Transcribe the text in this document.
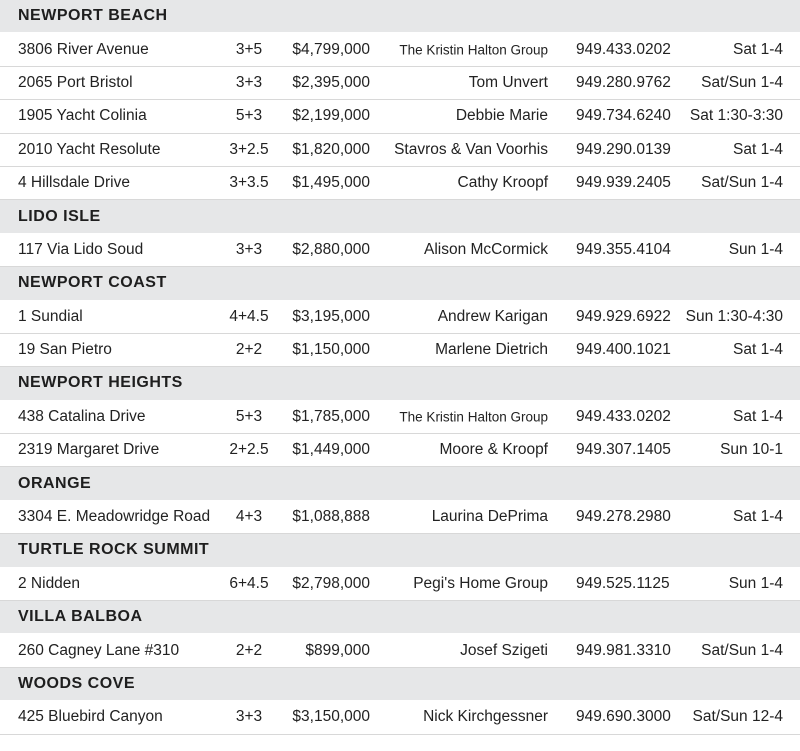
NEWPORT BEACH
3806 River Avenue	3+5	$4,799,000 The Kristin Halton Group 949.433.0202	Sat 1-4
2065 Port Bristol	3+3	$2,395,000	Tom Unvert 949.280.9762 Sat/Sun 1-4
1905 Yacht Colinia	5+3	$2,199,000	Debbie Marie 949.734.6240 Sat 1:30-3:30
2010 Yacht Resolute	3+2.5 $1,820,000 Stavros & Van Voorhis 949.290.0139	Sat 1-4
4 Hillsdale Drive	3+3.5 $1,495,000	Cathy Kroopf 949.939.2405 Sat/Sun 1-4
LIDO ISLE
117 Via Lido Soud	3+3	$2,880,000	Alison McCormick 949.355.4104	Sun 1-4
NEWPORT COAST
1 Sundial	4+4.5 $3,195,000	Andrew Karigan 949.929.6922 Sun 1:30-4:30
19 San Pietro	2+2	$1,150,000	Marlene Dietrich 949.400.1021	Sat 1-4
NEWPORT HEIGHTS
438 Catalina Drive	5+3	$1,785,000 The Kristin Halton Group 949.433.0202	Sat 1-4
2319 Margaret Drive	2+2.5 $1,449,000	Moore & Kroopf 949.307.1405	Sun 10-1
ORANGE
3304 E. Meadowridge Road	4+3	$1,088,888	Laurina DePrima 949.278.2980	Sat 1-4
TURTLE ROCK SUMMIT
2 Nidden	6+4.5 $2,798,000	Pegi's Home Group 949.525.1125	Sun 1-4
VILLA BALBOA
260 Cagney Lane #310	2+2	$899,000	Josef Szigeti 949.981.3310 Sat/Sun 1-4
WOODS COVE
425 Bluebird Canyon	3+3	$3,150,000	Nick Kirchgessner 949.690.3000 Sat/Sun 12-4
